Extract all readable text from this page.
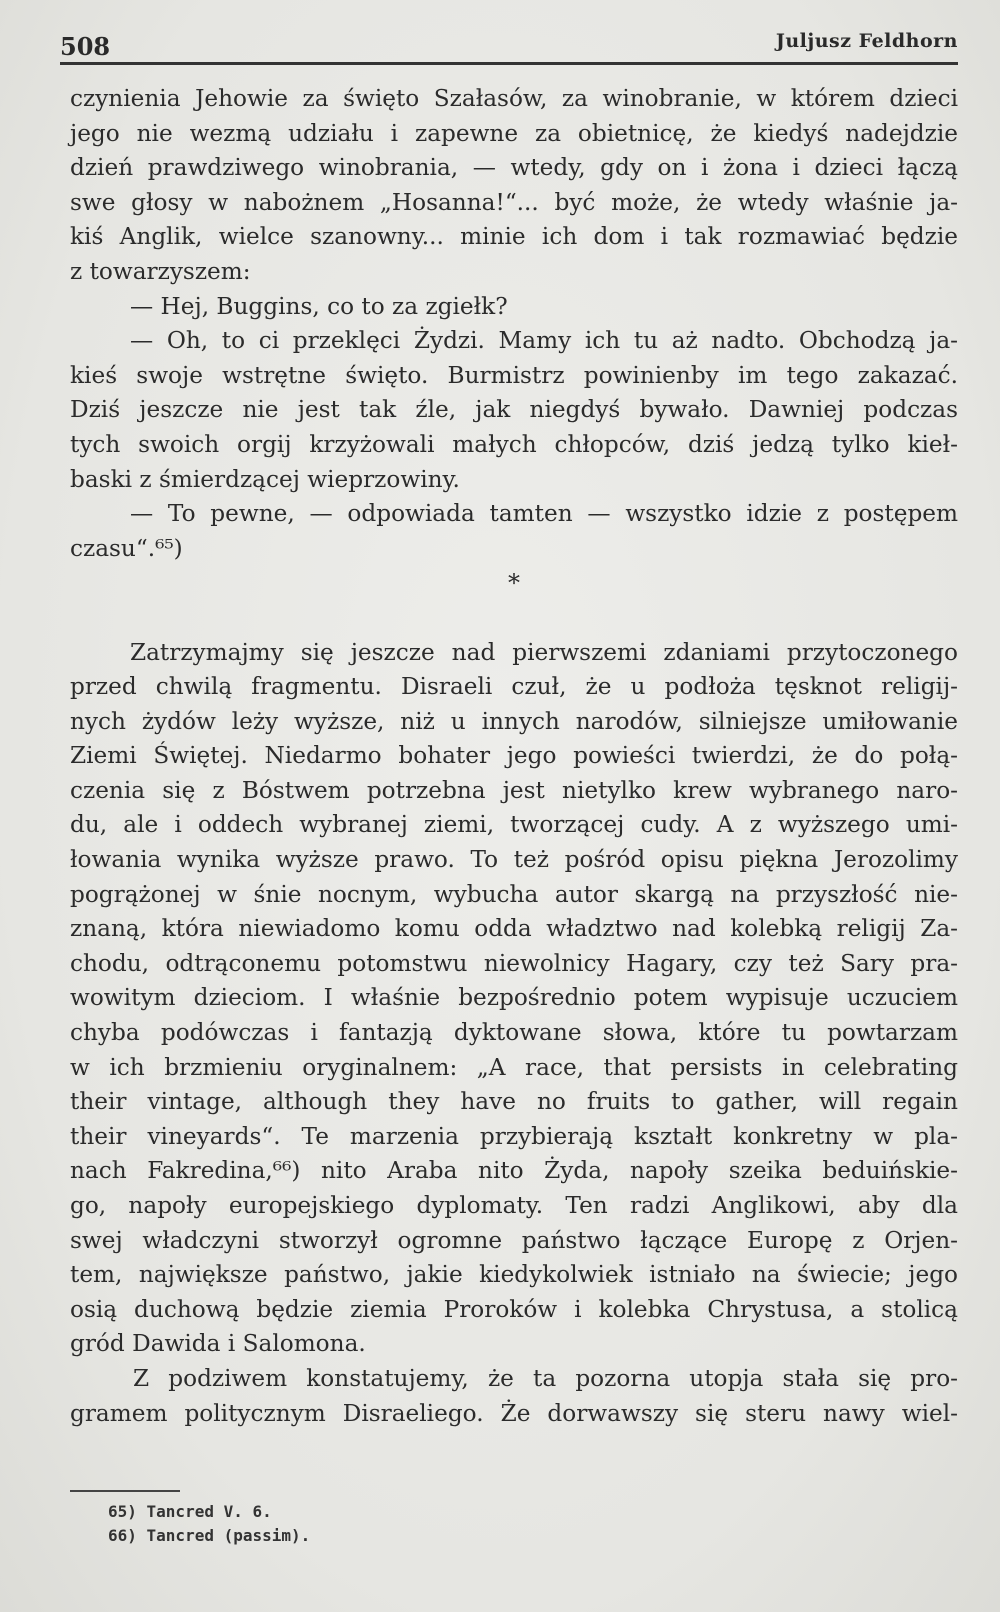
508	Juljusz Feldhorn
czynienia Jehowie za święto Szałasów, za winobranie, w którem dzieci
jego nie wezmą udziału i zapewne za obietnicę, że kiedyś nadejdzie
dzień prawdziwego winobrania, — wtedy, gdy on i żona i dzieci łączą
swe głosy w nabożnem „Hosanna!“... być może, że wtedy właśnie ja-
kiś Anglik, wielce szanowny... minie ich dom i tak rozmawiać będzie
z towarzyszem:
— Hej, Buggins, co to za zgiełk?
— Oh, to ci przeklęci Żydzi. Mamy ich tu aż nadto. Obchodzą ja-
kieś swoje wstrętne święto. Burmistrz powinienby im tego zakazać.
Dziś jeszcze nie jest tak źle, jak niegdyś bywało. Dawniej podczas
tych swoich orgij krzyżowali małych chłopców, dziś jedzą tylko kieł-
baski z śmierdzącej wieprzowiny.
— To pewne, — odpowiada tamten — wszystko idzie z postępem
czasu“.⁶⁵)
*
Zatrzymajmy się jeszcze nad pierwszemi zdaniami przytoczonego
przed chwilą fragmentu. Disraeli czuł, że u podłoża tęsknot religij-
nych żydów leży wyższe, niż u innych narodów, silniejsze umiłowanie
Ziemi Świętej. Niedarmo bohater jego powieści twierdzi, że do połą-
czenia się z Bóstwem potrzebna jest nietylko krew wybranego naro-
du, ale i oddech wybranej ziemi, tworzącej cudy. A z wyższego umi-
łowania wynika wyższe prawo. To też pośród opisu piękna Jerozolimy
pogrążonej w śnie nocnym, wybucha autor skargą na przyszłość nie-
znaną, która niewiadomo komu odda władztwo nad kolebką religij Za-
chodu, odtrąconemu potomstwu niewolnicy Hagary, czy też Sary pra-
wowitym dzieciom. I właśnie bezpośrednio potem wypisuje uczuciem
chyba podówczas i fantazją dyktowane słowa, które tu powtarzam
w ich brzmieniu oryginalnem: „A race, that persists in celebrating
their vintage, although they have no fruits to gather, will regain
their vineyards“. Te marzenia przybierają kształt konkretny w pla-
nach Fakredina,⁶⁶) nito Araba nito Żyda, napoły szeika beduińskie-
go, napoły europejskiego dyplomaty. Ten radzi Anglikowi, aby dla
swej władczyni stworzył ogromne państwo łączące Europę z Orjen-
tem, największe państwo, jakie kiedykolwiek istniało na świecie; jego
osią duchową będzie ziemia Proroków i kolebka Chrystusa, a stolicą
gród Dawida i Salomona.
Z podziwem konstatujemy, że ta pozorna utopja stała się pro-
gramem politycznym Disraeliego. Że dorwawszy się steru nawy wiel-
65) Tancred V. 6.
66) Tancred (passim).
